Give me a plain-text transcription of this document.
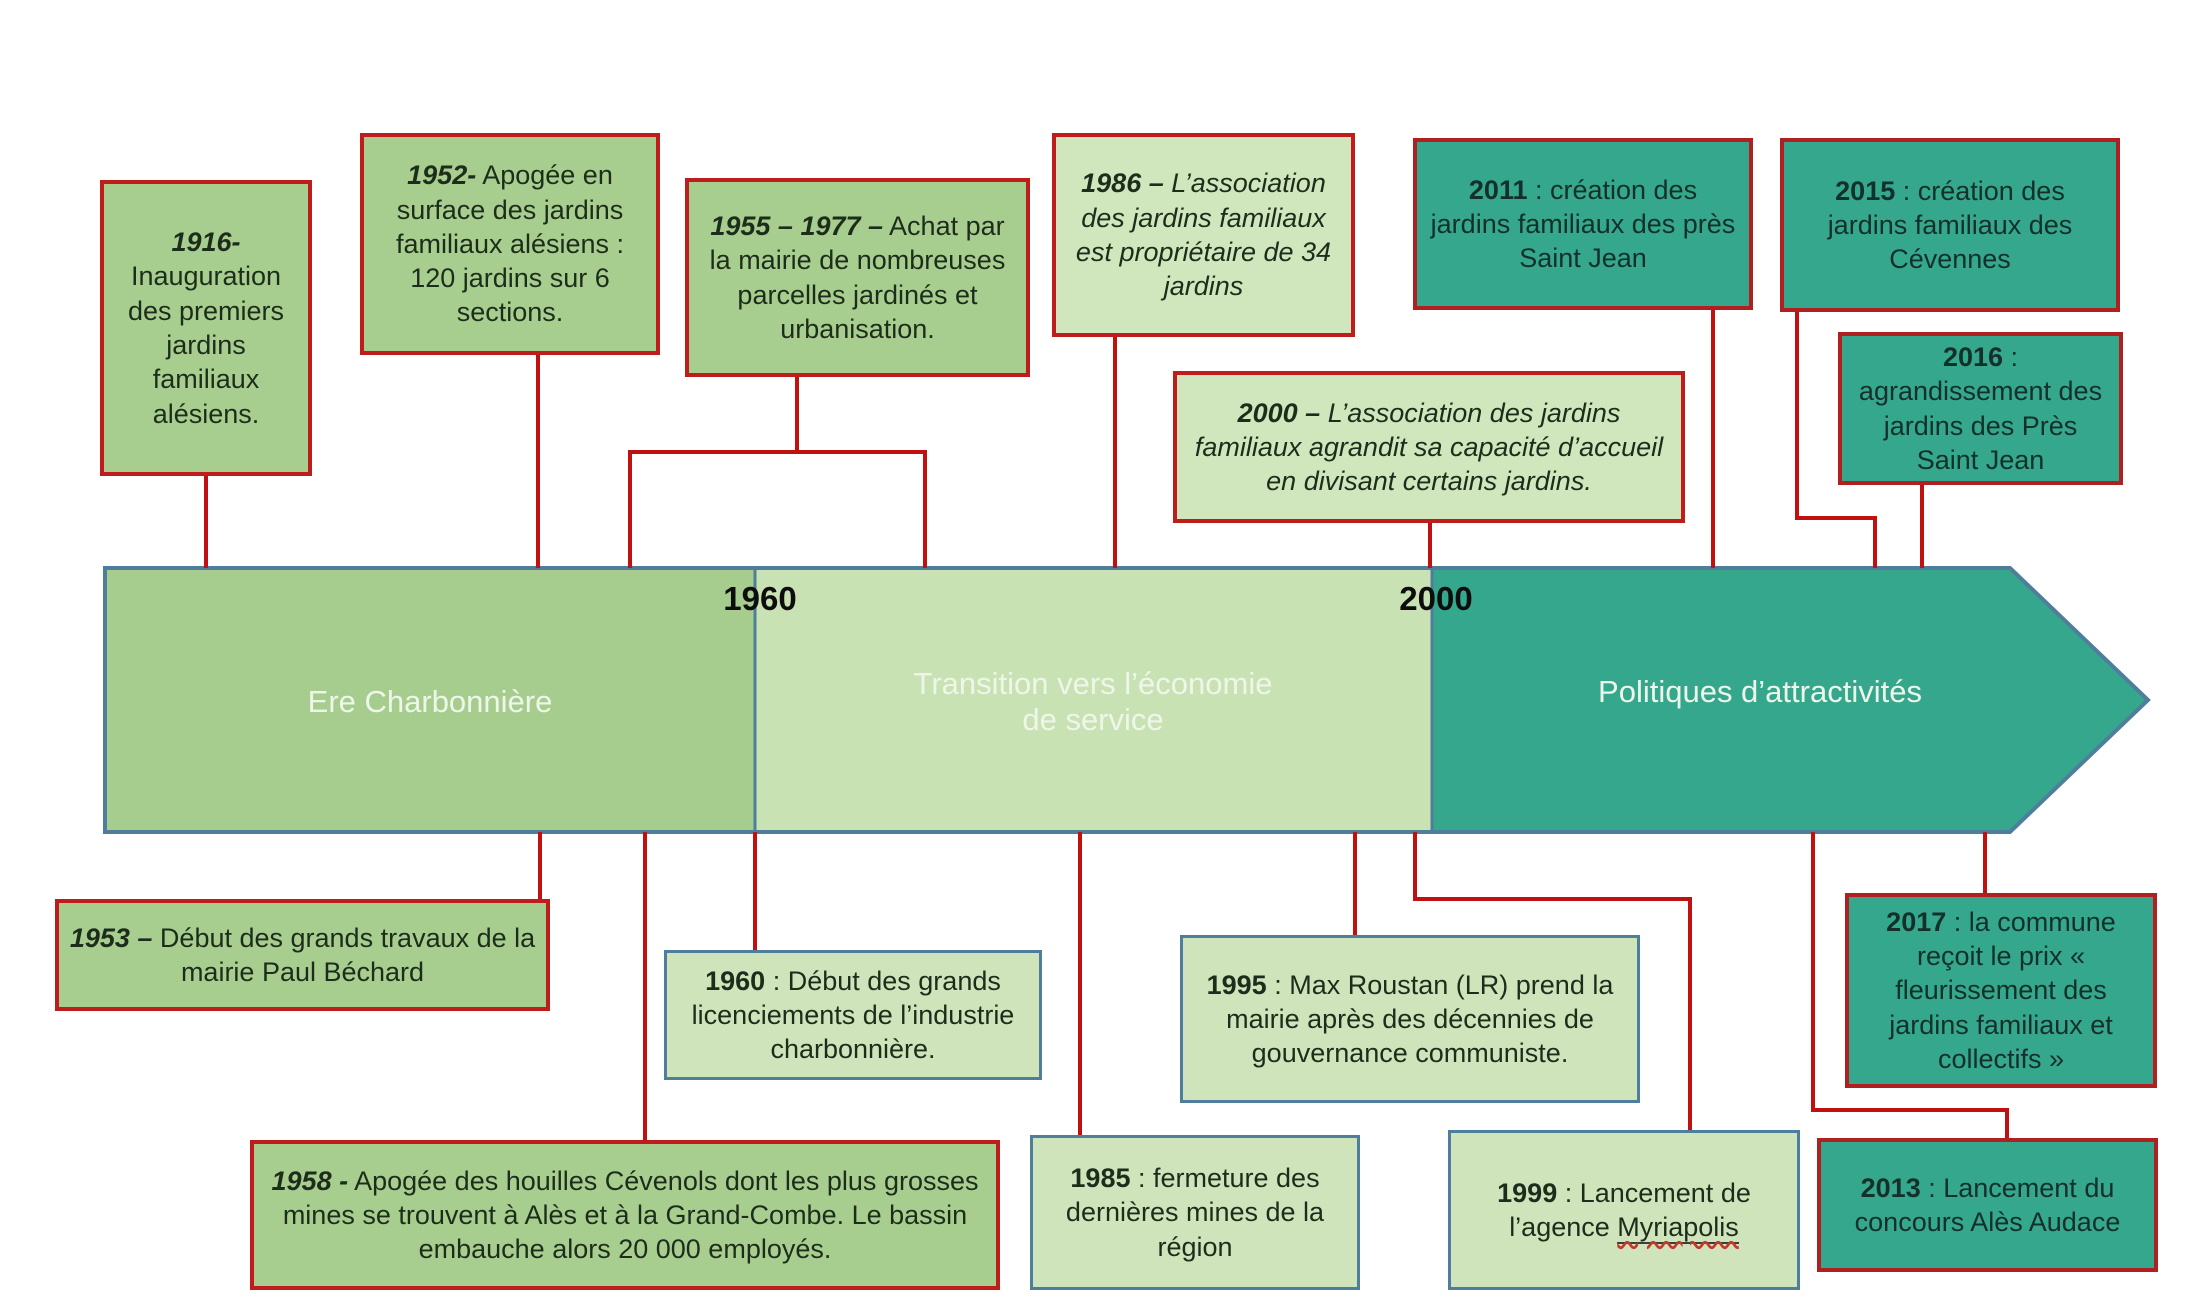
Ere Charbonnière
Transition vers l’économie
de service
Politiques d’attractivités
1960	2000

1916- Inauguration des premiers jardins familiaux alésiens.

1952- Apogée en surface des jardins familiaux alésiens : 120 jardins sur 6 sections.

1955 – 1977 – Achat par la mairie de nombreuses parcelles jardinés et urbanisation.

1986 – L’association des jardins familiaux est propriétaire de 34 jardins

2000 – L’association des jardins familiaux agrandit sa capacité d’accueil en divisant certains jardins.

2011 : création des jardins familiaux des près Saint Jean

2015 : création des jardins familiaux des Cévennes

2016 : agrandissement des jardins des Près Saint Jean

1953 – Début des grands travaux de la mairie Paul Béchard	1960 : Début des grands licenciements de l’industrie charbonnière.

1958 - Apogée des houilles Cévenols dont les plus grosses mines se trouvent à Alès et à la Grand-Combe. Le bassin embauche alors 20 000 employés.

1985 : fermeture des dernières mines de la région

1995 : Max Roustan (LR) prend la mairie après des décennies de gouvernance communiste.

1999 : Lancement de l’agence Myriapolis

2017 : la commune reçoit le prix « fleurissement des jardins familiaux et collectifs »

2013 : Lancement du concours Alès Audace
